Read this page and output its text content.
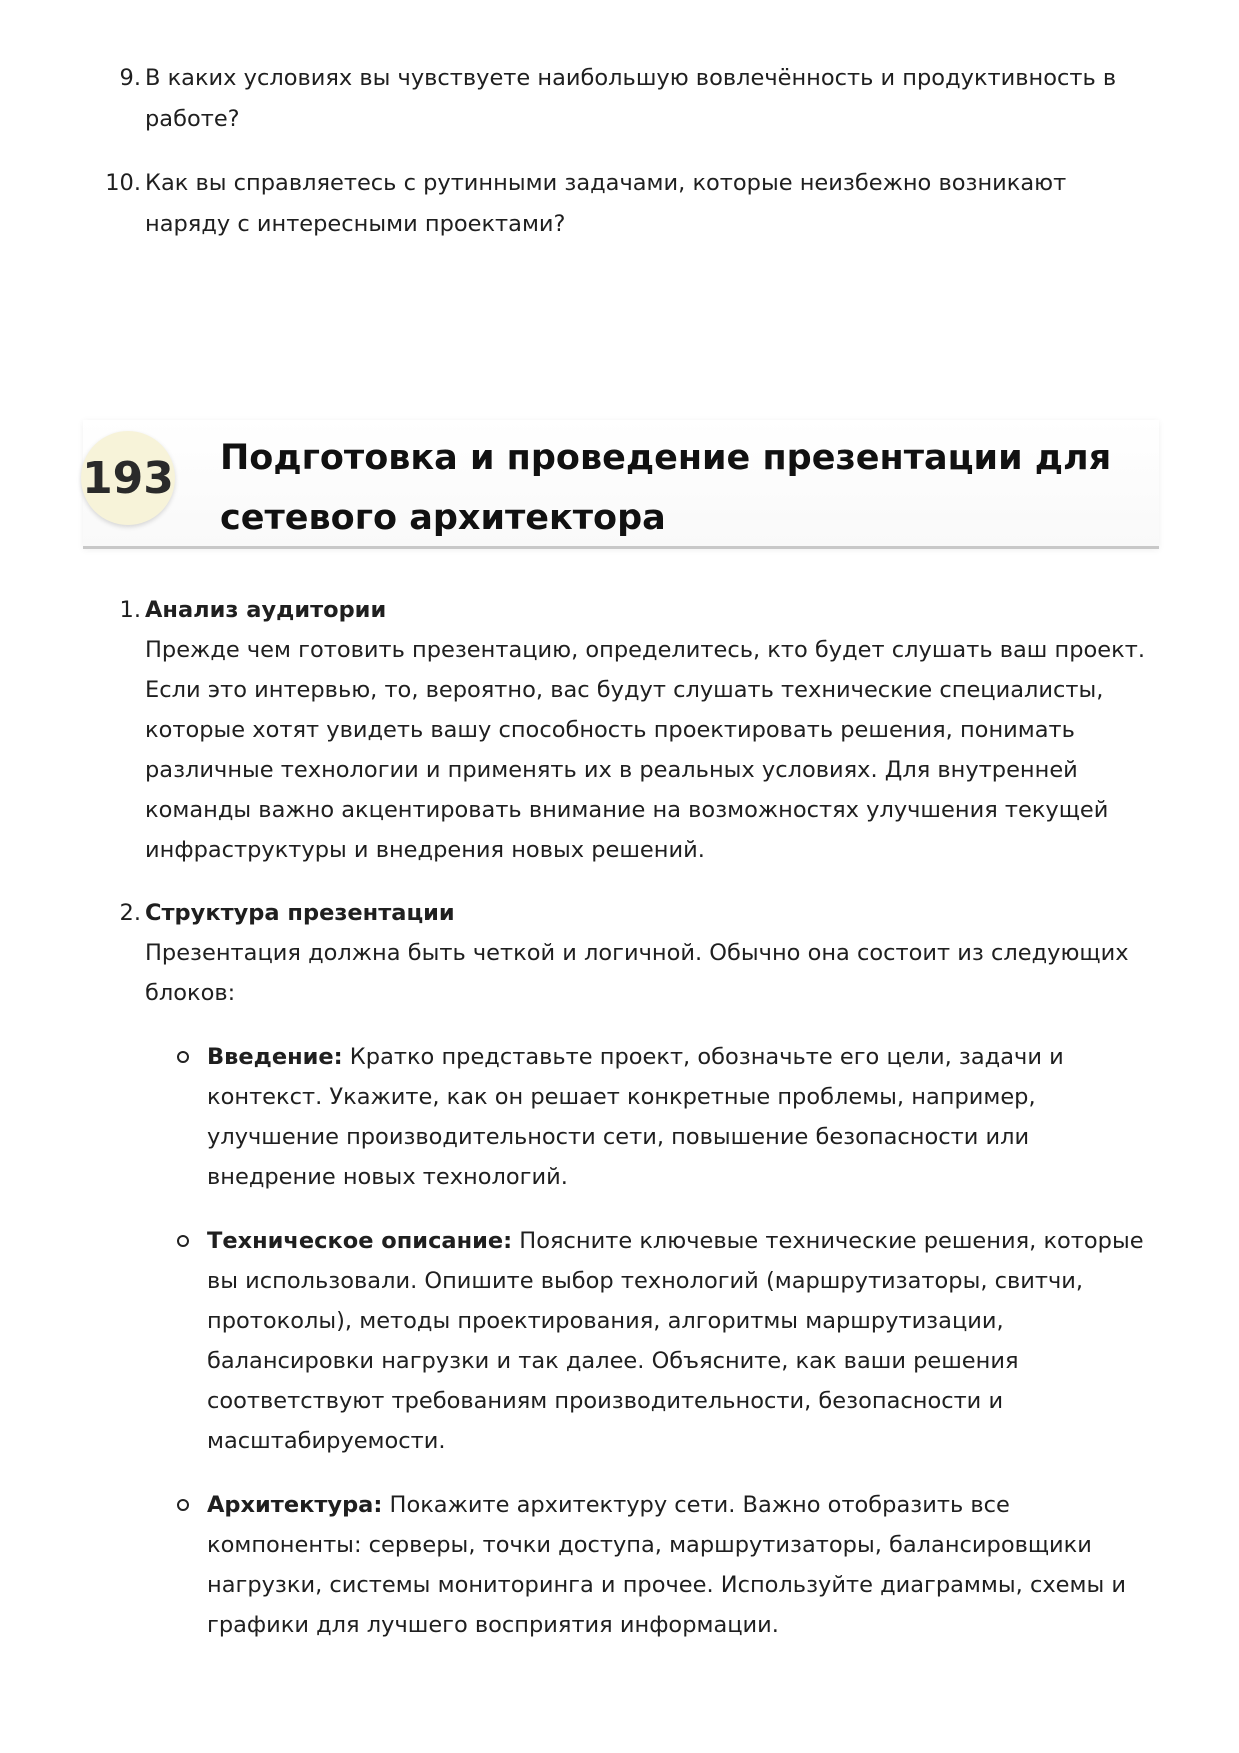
9. В каких условиях вы чувствуете наибольшую вовлечённость и продуктивность в работе?
10. Как вы справляетесь с рутинными задачами, которые неизбежно возникают наряду с интересными проектами?
193 Подготовка и проведение презентации для сетевого архитектора
1. Анализ аудитории
Прежде чем готовить презентацию, определитесь, кто будет слушать ваш проект. Если это интервью, то, вероятно, вас будут слушать технические специалисты, которые хотят увидеть вашу способность проектировать решения, понимать различные технологии и применять их в реальных условиях. Для внутренней команды важно акцентировать внимание на возможностях улучшения текущей инфраструктуры и внедрения новых решений.
2. Структура презентации
Презентация должна быть четкой и логичной. Обычно она состоит из следующих блоков:
Введение: Кратко представьте проект, обозначьте его цели, задачи и контекст. Укажите, как он решает конкретные проблемы, например, улучшение производительности сети, повышение безопасности или внедрение новых технологий.
Техническое описание: Поясните ключевые технические решения, которые вы использовали. Опишите выбор технологий (маршрутизаторы, свитчи, протоколы), методы проектирования, алгоритмы маршрутизации, балансировки нагрузки и так далее. Объясните, как ваши решения соответствуют требованиям производительности, безопасности и масштабируемости.
Архитектура: Покажите архитектуру сети. Важно отобразить все компоненты: серверы, точки доступа, маршрутизаторы, балансировщики нагрузки, системы мониторинга и прочее. Используйте диаграммы, схемы и графики для лучшего восприятия информации.
